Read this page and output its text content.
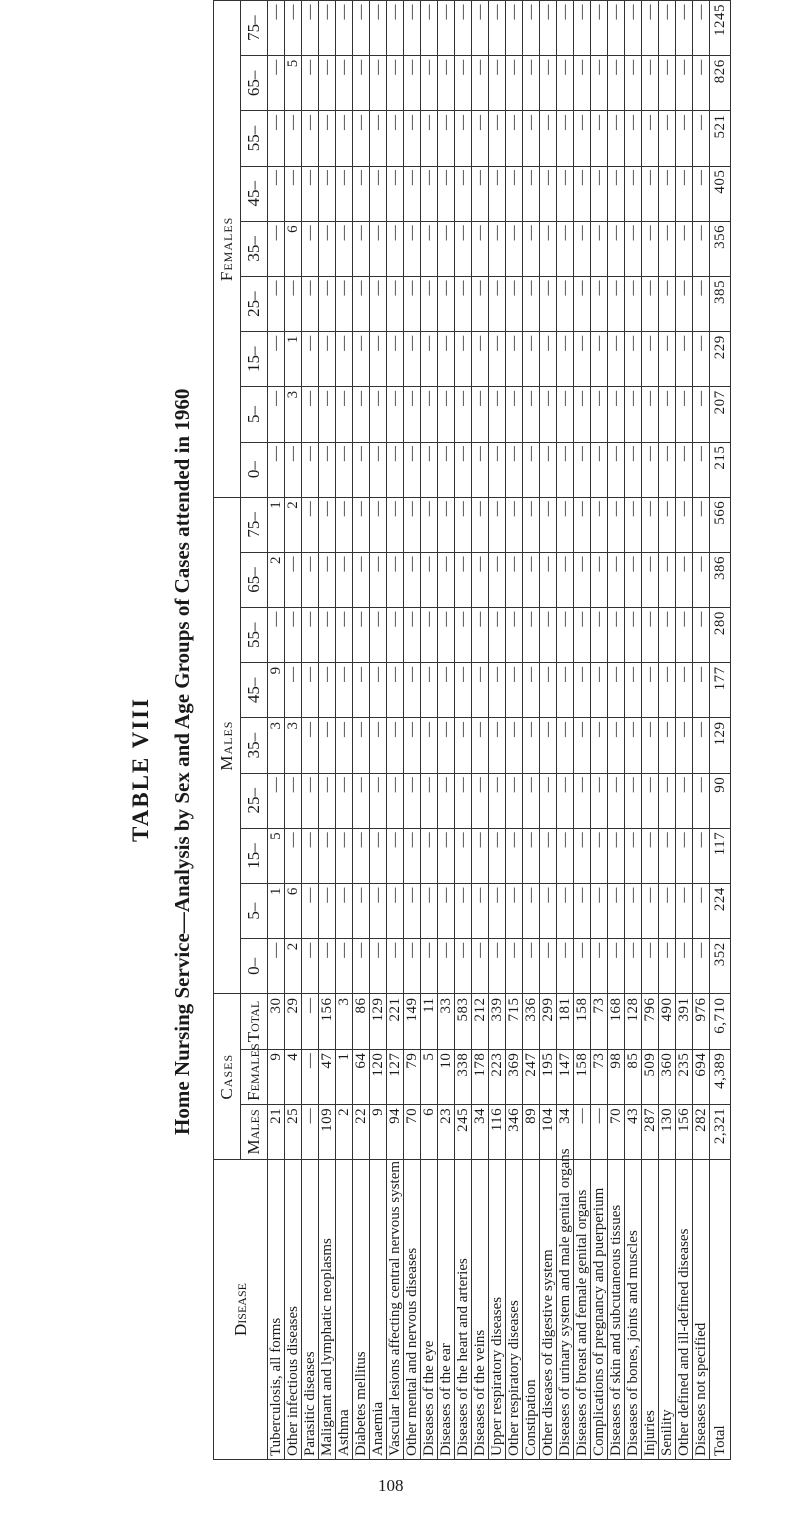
TABLE VIII Home Nursing Service—Analysis by Sex and Age Groups of Cases attended in 1960
Disease	Cases			Males									Females								
	Males	Females	Total	0–	5–	15–	25–	35–	45–	55–	65–	75–	0–	5–	15–	25–	35–	45–	55–	65–	75–
Tuberculosis, all forms	21	9	30	—	1	5	—	3	9	—	2	1	—	—	—	—	—	—	—	—	—
Other infectious diseases	25	4	29	2	6	—	—	3	—	—	—	2	—	3	1	—	6	—	—	5	—
Parasitic diseases	—	—	—	—	—	—	—	—	—	—	—	—	—	—	—	—	—	—	—	—	—
Malignant and lymphatic neoplasms	109	47	156	—	—	—	—	—	—	—	—	—	—	—	—	—	—	—	—	—	—
Asthma	2	1	3	—	—	—	—	—	—	—	—	—	—	—	—	—	—	—	—	—	—
Diabetes mellitus	22	64	86	—	—	—	—	—	—	—	—	—	—	—	—	—	—	—	—	—	—
Anaemia	9	120	129	—	—	—	—	—	—	—	—	—	—	—	—	—	—	—	—	—	—
Vascular lesions affecting central nervous system	94	127	221	—	—	—	—	—	—	—	—	—	—	—	—	—	—	—	—	—	—
Other mental and nervous diseases	70	79	149	—	—	—	—	—	—	—	—	—	—	—	—	—	—	—	—	—	—
Diseases of the eye	6	5	11	—	—	—	—	—	—	—	—	—	—	—	—	—	—	—	—	—	—
Diseases of the ear	23	10	33	—	—	—	—	—	—	—	—	—	—	—	—	—	—	—	—	—	—
Diseases of the heart and arteries	245	338	583	—	—	—	—	—	—	—	—	—	—	—	—	—	—	—	—	—	—
Diseases of the veins	34	178	212	—	—	—	—	—	—	—	—	—	—	—	—	—	—	—	—	—	—
Upper respiratory diseases	116	223	339	—	—	—	—	—	—	—	—	—	—	—	—	—	—	—	—	—	—
Other respiratory diseases	346	369	715	—	—	—	—	—	—	—	—	—	—	—	—	—	—	—	—	—	—
Constipation	89	247	336	—	—	—	—	—	—	—	—	—	—	—	—	—	—	—	—	—	—
Other diseases of digestive system	104	195	299	—	—	—	—	—	—	—	—	—	—	—	—	—	—	—	—	—	—
Diseases of urinary system and male genital organs	34	147	181	—	—	—	—	—	—	—	—	—	—	—	—	—	—	—	—	—	—
Diseases of breast and female genital organs	—	158	158	—	—	—	—	—	—	—	—	—	—	—	—	—	—	—	—	—	—
Complications of pregnancy and puerperium	—	73	73	—	—	—	—	—	—	—	—	—	—	—	—	—	—	—	—	—	—
Diseases of skin and subcutaneous tissues	70	98	168	—	—	—	—	—	—	—	—	—	—	—	—	—	—	—	—	—	—
Diseases of bones, joints and muscles	43	85	128	—	—	—	—	—	—	—	—	—	—	—	—	—	—	—	—	—	—
Injuries	287	509	796	—	—	—	—	—	—	—	—	—	—	—	—	—	—	—	—	—	—
Senility	130	360	490	—	—	—	—	—	—	—	—	—	—	—	—	—	—	—	—	—	—
Other defined and ill-defined diseases	156	235	391	—	—	—	—	—	—	—	—	—	—	—	—	—	—	—	—	—	—
Diseases not specified	282	694	976	—	—	—	—	—	—	—	—	—	—	—	—	—	—	—	—	—	—
Total	2,321	4,389	6,710	352	224	117	90	129	177	280	386	566	215	207	229	385	356	405	521	826	1245
108
